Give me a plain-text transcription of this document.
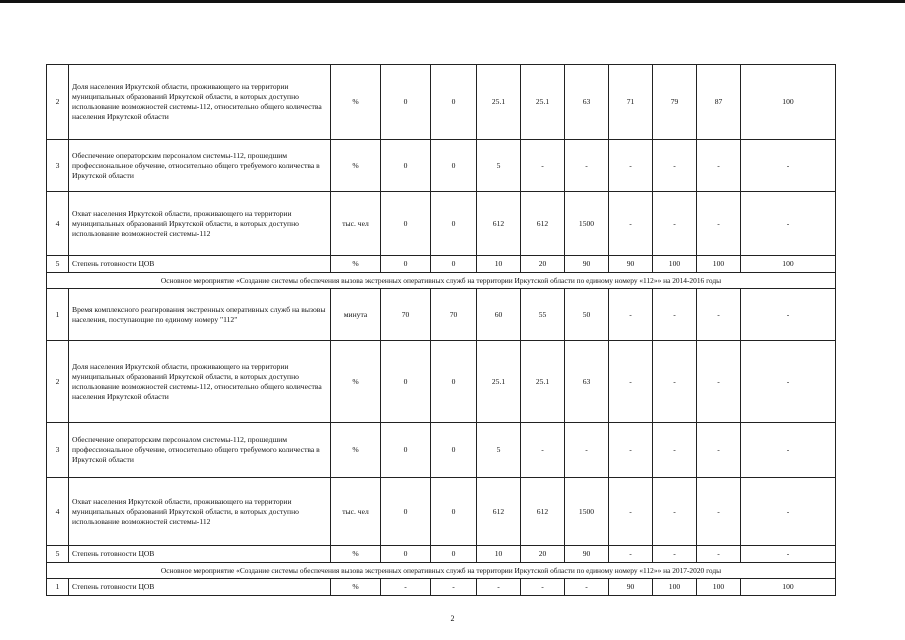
2	Доля населения Иркутской области, проживающего на территории муниципальных образований Иркутской области, в которых доступно использование возможностей системы-112, относительно общего количества населения Иркутской области	%	0	0	25.1	25.1	63	71	79	87	100
3	Обеспечение операторским персоналом системы-112, прошедшим профессиональное обучение, относительно общего требуемого количества в Иркутской области	%	0	0	5	-	-	-	-	-	-
4	Охват населения Иркутской области, проживающего на территории муниципальных образований Иркутской области, в которых доступно использование возможностей системы-112	тыс. чел	0	0	612	612	1500	-	-	-	-
5	Степень готовности ЦОВ	%	0	0	10	20	90	90	100	100	100
Основное мероприятие «Создание системы обеспечения вызова экстренных оперативных служб на территории Иркутской области по единому номеру «112»» на 2014-2016 годы											
1	Время комплексного реагирования экстренных оперативных служб на вызовы населения, поступающие по единому номеру "112"	минута	70	70	60	55	50	-	-	-	-
2	Доля населения Иркутской области, проживающего на территории муниципальных образований Иркутской области, в которых доступно использование возможностей системы-112, относительно общего количества населения Иркутской области	%	0	0	25.1	25.1	63	-	-	-	-
3	Обеспечение операторским персоналом системы-112, прошедшим профессиональное обучение, относительно общего требуемого количества в Иркутской области	%	0	0	5	-	-	-	-	-	-
4	Охват населения Иркутской области, проживающего на территории муниципальных образований Иркутской области, в которых доступно использование возможностей системы-112	тыс. чел	0	0	612	612	1500	-	-	-	-
5	Степень готовности ЦОВ	%	0	0	10	20	90	-	-	-	-
Основное мероприятие «Создание системы обеспечения вызова экстренных оперативных служб на территории Иркутской области по единому номеру «112»» на 2017-2020 годы											
1	Степень готовности ЦОВ	%	-	-	-	-	-	90	100	100	100
2
